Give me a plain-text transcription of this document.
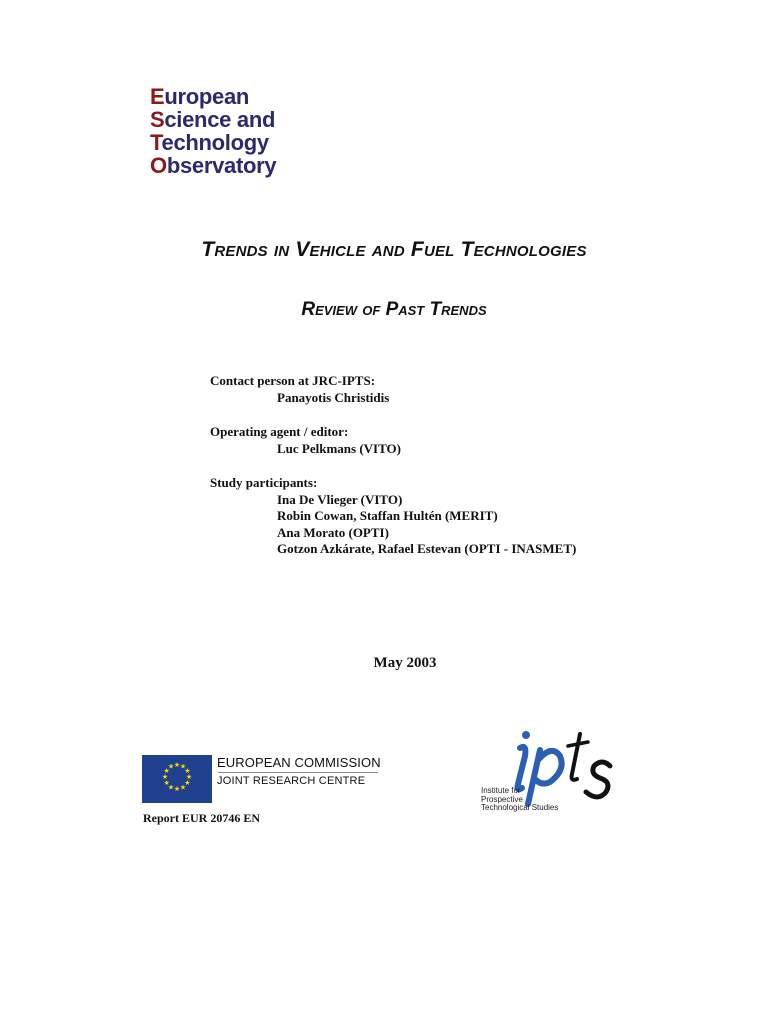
European
Science and
Technology
Observatory
Trends in Vehicle and Fuel Technologies
Review of Past Trends
Contact person at JRC-IPTS:
Panayotis Christidis
Operating agent / editor:
Luc Pelkmans (VITO)
Study participants:
Ina De Vlieger (VITO)
Robin Cowan, Staffan Hultén (MERIT)
Ana Morato (OPTI)
Gotzon Azkárate, Rafael Estevan (OPTI - INASMET)
May 2003
★ ★
★
★
★
★
★
★
★
★
★
★	EUROPEAN COMMISSION
JOINT RESEARCH CENTRE
Report EUR 20746 EN
Institute for
Prospective
Technological Studies
